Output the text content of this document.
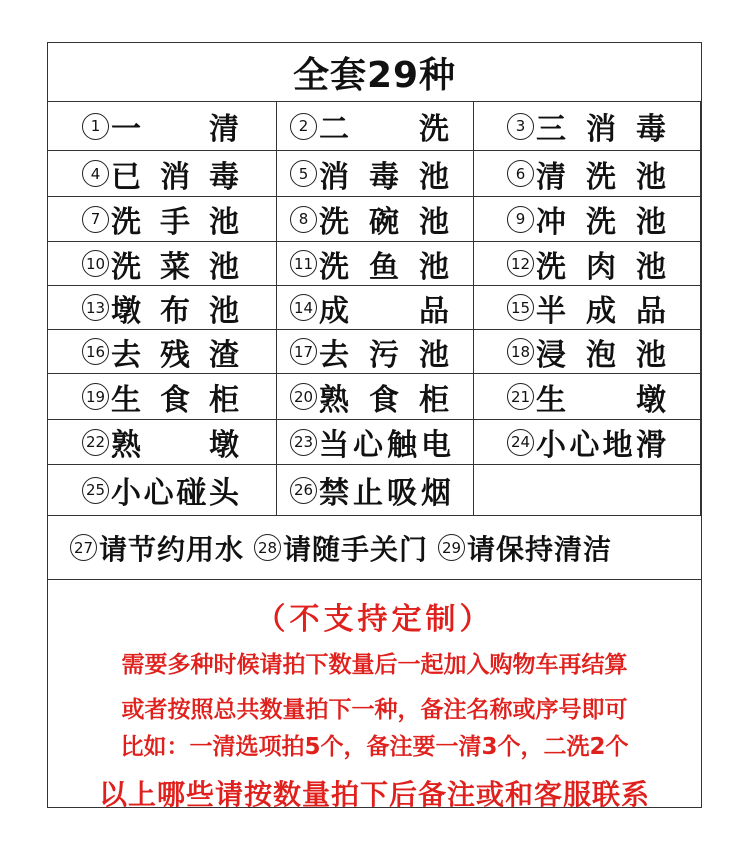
全套29种
1 一 清	2 二 洗	3 三 消 毒
4 已 消 毒	5 消 毒 池	6 清 洗 池
7 洗 手 池	8 洗 碗 池	9 冲 洗 池
10 洗 菜 池	11 洗 鱼 池	12 洗 肉 池
13 墩 布 池	14 成 品	15 半 成 品
16 去 残 渣	17 去 污 池	18 浸 泡 池
19 生 食 柜	20 熟 食 柜	21 生 墩
22 熟 墩	23 当 心 触 电	24 小 心 地 滑
25 小 心 碰 头	26 禁 止 吸 烟
27 请节约用水 28 请随手关门 29 请保持清洁
（不支持定制）
需要多种时候请拍下数量后一起加入购物车再结算
或者按照总共数量拍下一种，备注名称或序号即可
比如：一清选项拍5个，备注要一清3个，二洗2个
以上哪些请按数量拍下后备注或和客服联系
